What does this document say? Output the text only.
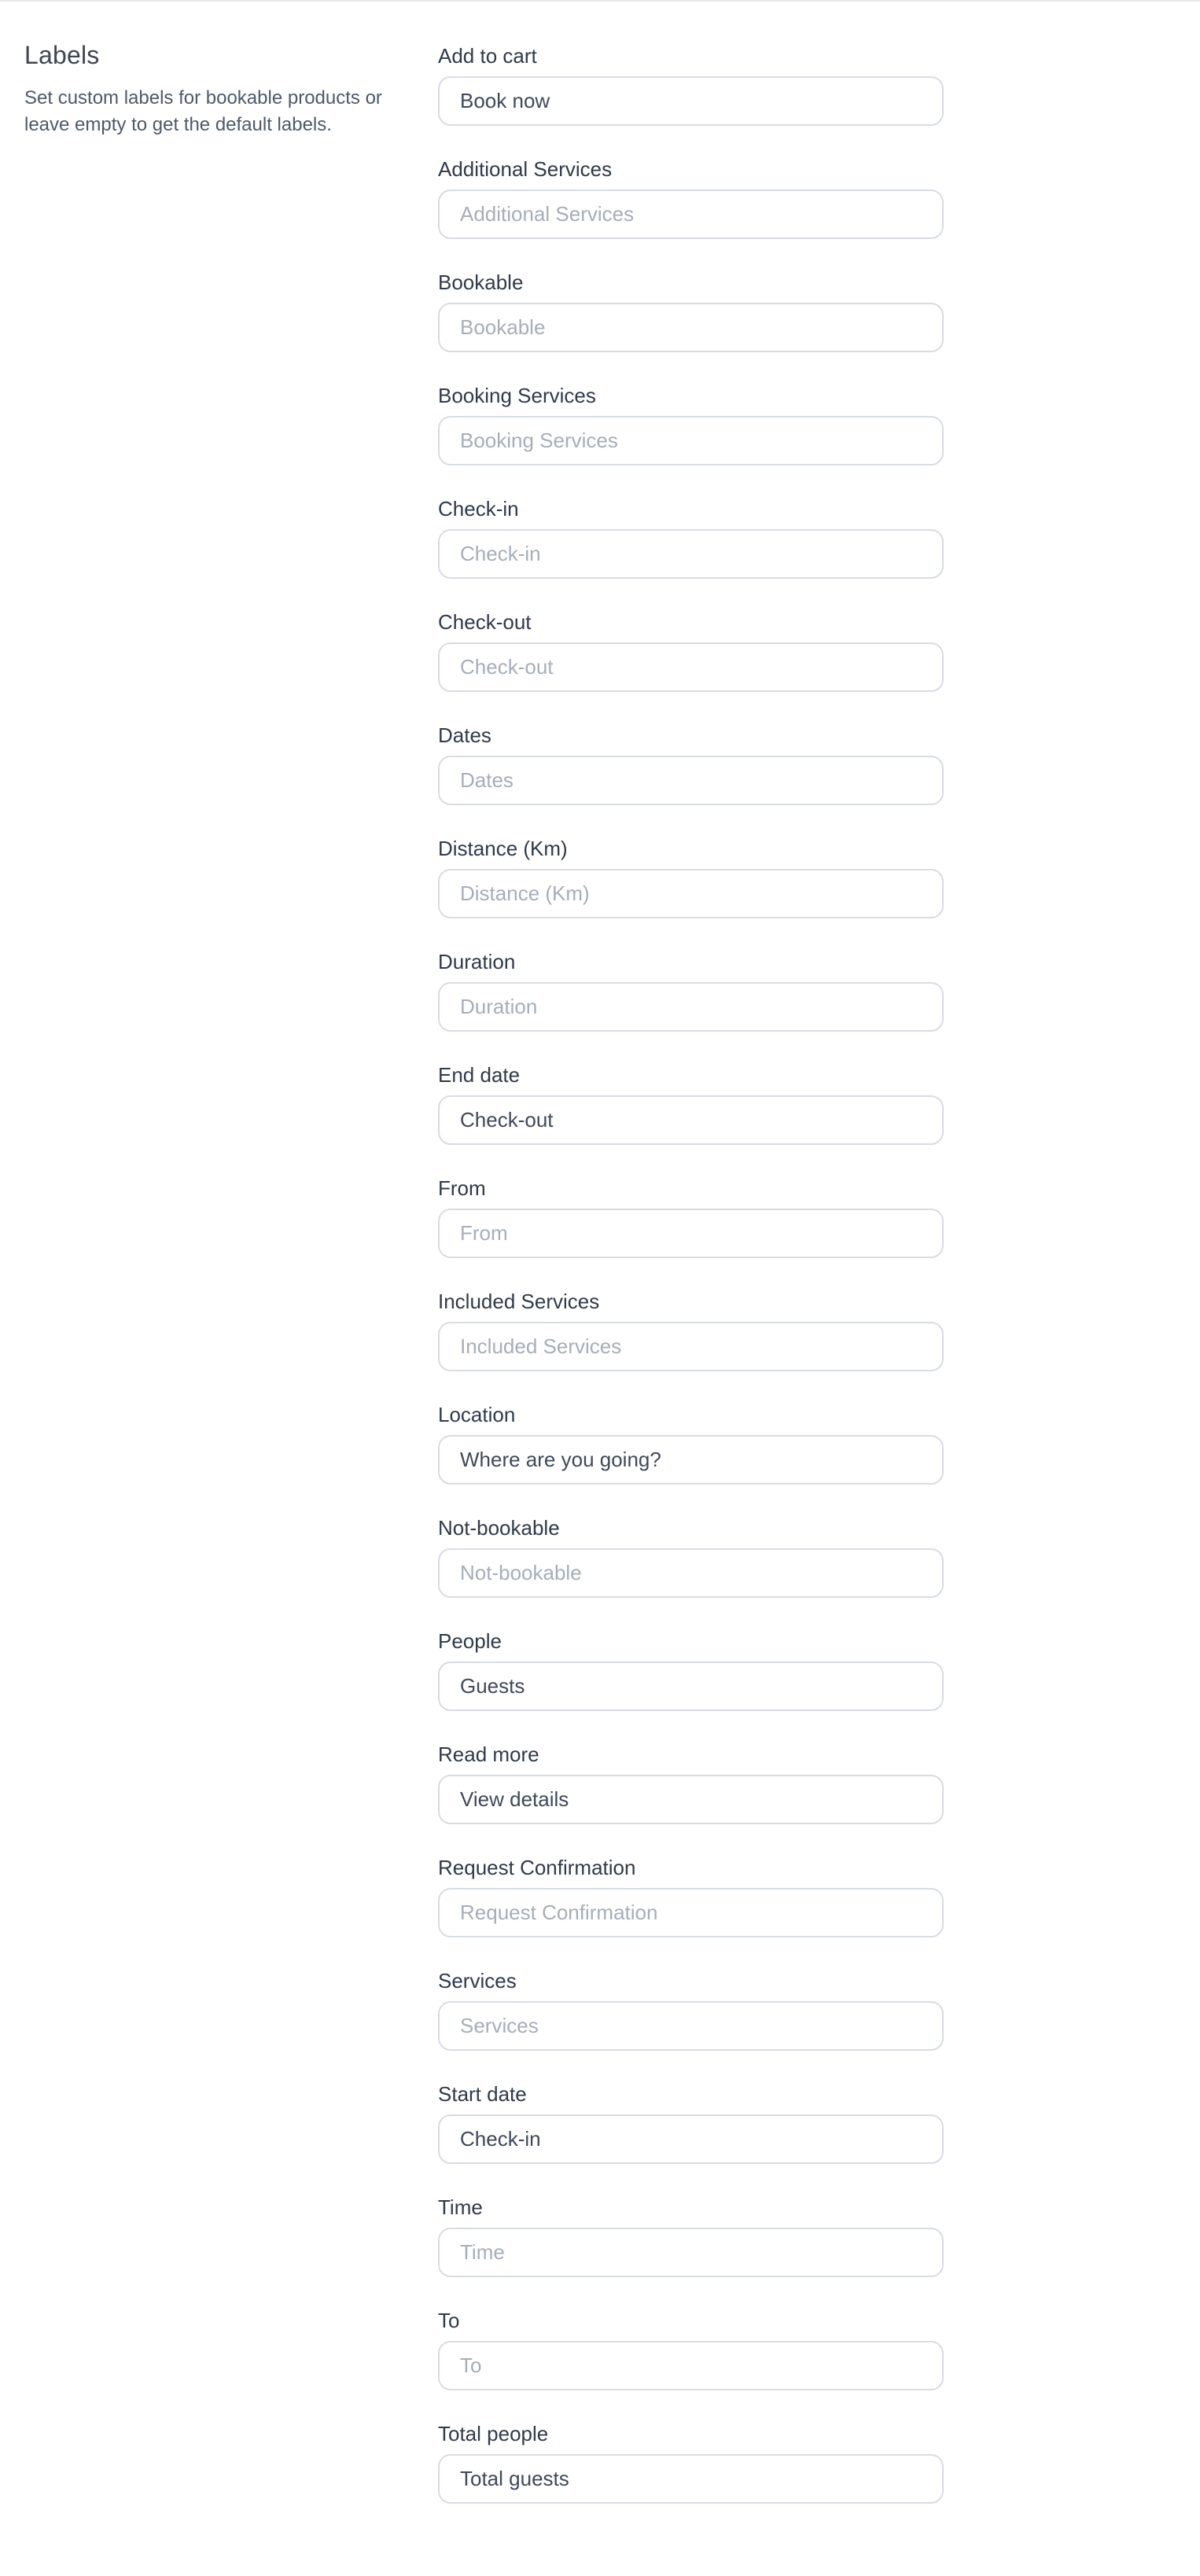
Labels

Set custom labels for bookable products or leave empty to get the default labels.

Add to cart
Book now
Additional Services
Additional Services
Bookable
Bookable
Booking Services
Booking Services
Check-in
Check-in
Check-out
Check-out
Dates
Dates
Distance (Km)
Distance (Km)
Duration
Duration
End date
Check-out
From
From
Included Services
Included Services
Location
Where are you going?
Not-bookable
Not-bookable
People
Guests
Read more
View details
Request Confirmation
Request Confirmation
Services
Services
Start date
Check-in
Time
Time
To
To
Total people
Total guests
